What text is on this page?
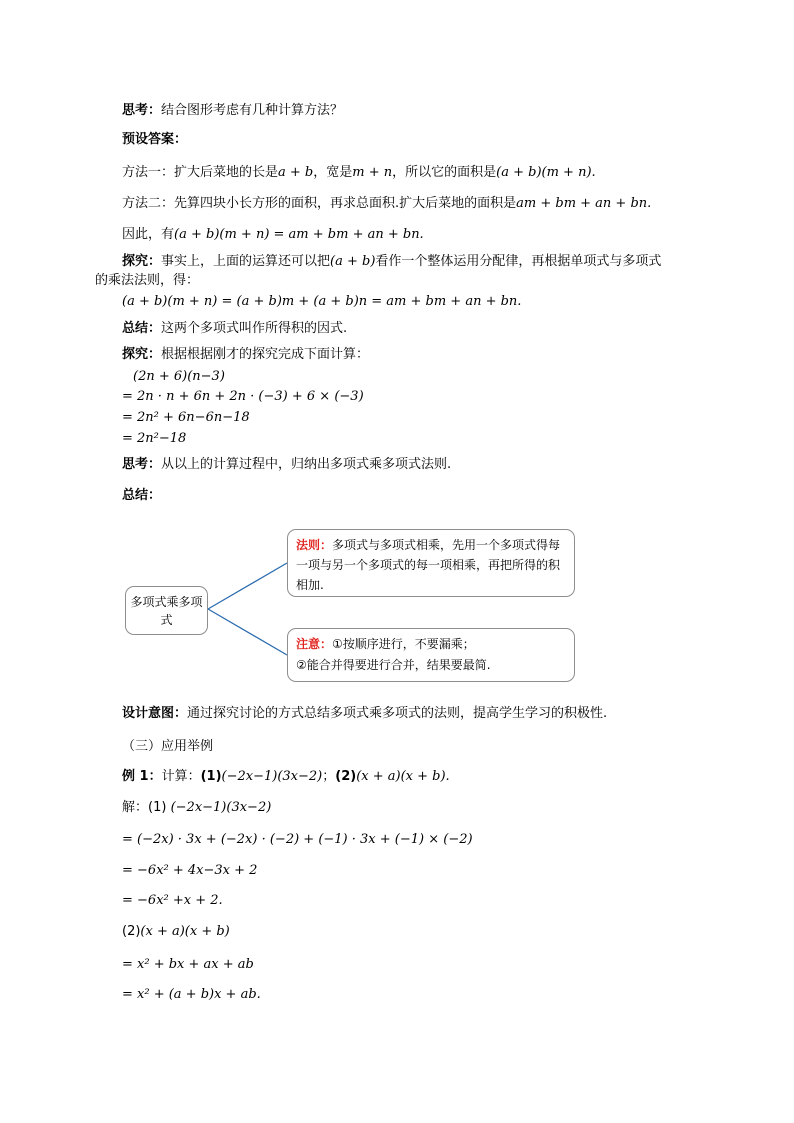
思考：结合图形考虑有几种计算方法？
预设答案：
方法一：扩大后菜地的长是a + b，宽是m + n，所以它的面积是(a + b)(m + n).
方法二：先算四块小长方形的面积，再求总面积.扩大后菜地的面积是am + bm + an + bn.
因此，有(a + b)(m + n) = am + bm + an + bn.
探究：事实上，上面的运算还可以把(a + b)看作一个整体运用分配律，再根据单项式与多项式
的乘法法则，得：
(a + b)(m + n) = (a + b)m + (a + b)n = am + bm + an + bn.
总结：这两个多项式叫作所得积的因式.
探究：根据根据刚才的探究完成下面计算：
(2n + 6)(n−3)
= 2n · n + 6n + 2n · (−3) + 6 × (−3)
= 2n² + 6n−6n−18
= 2n²−18
思考：从以上的计算过程中，归纳出多项式乘多项式法则.
总结：
多项式乘多项式
法则：多项式与多项式相乘，先用一个多项式得每一项与另一个多项式的每一项相乘，再把所得的积相加.
注意：①按顺序进行，不要漏乘；
②能合并得要进行合并，结果要最简.
设计意图：通过探究讨论的方式总结多项式乘多项式的法则，提高学生学习的积极性.
（三）应用举例
例 1：计算：(1)(−2x−1)(3x−2)；(2)(x + a)(x + b).
解：(1) (−2x−1)(3x−2)
= (−2x) · 3x + (−2x) · (−2) + (−1) · 3x + (−1) × (−2)
= −6x² + 4x−3x + 2
= −6x² +x + 2.
(2)(x + a)(x + b)
= x² + bx + ax + ab
= x² + (a + b)x + ab.
